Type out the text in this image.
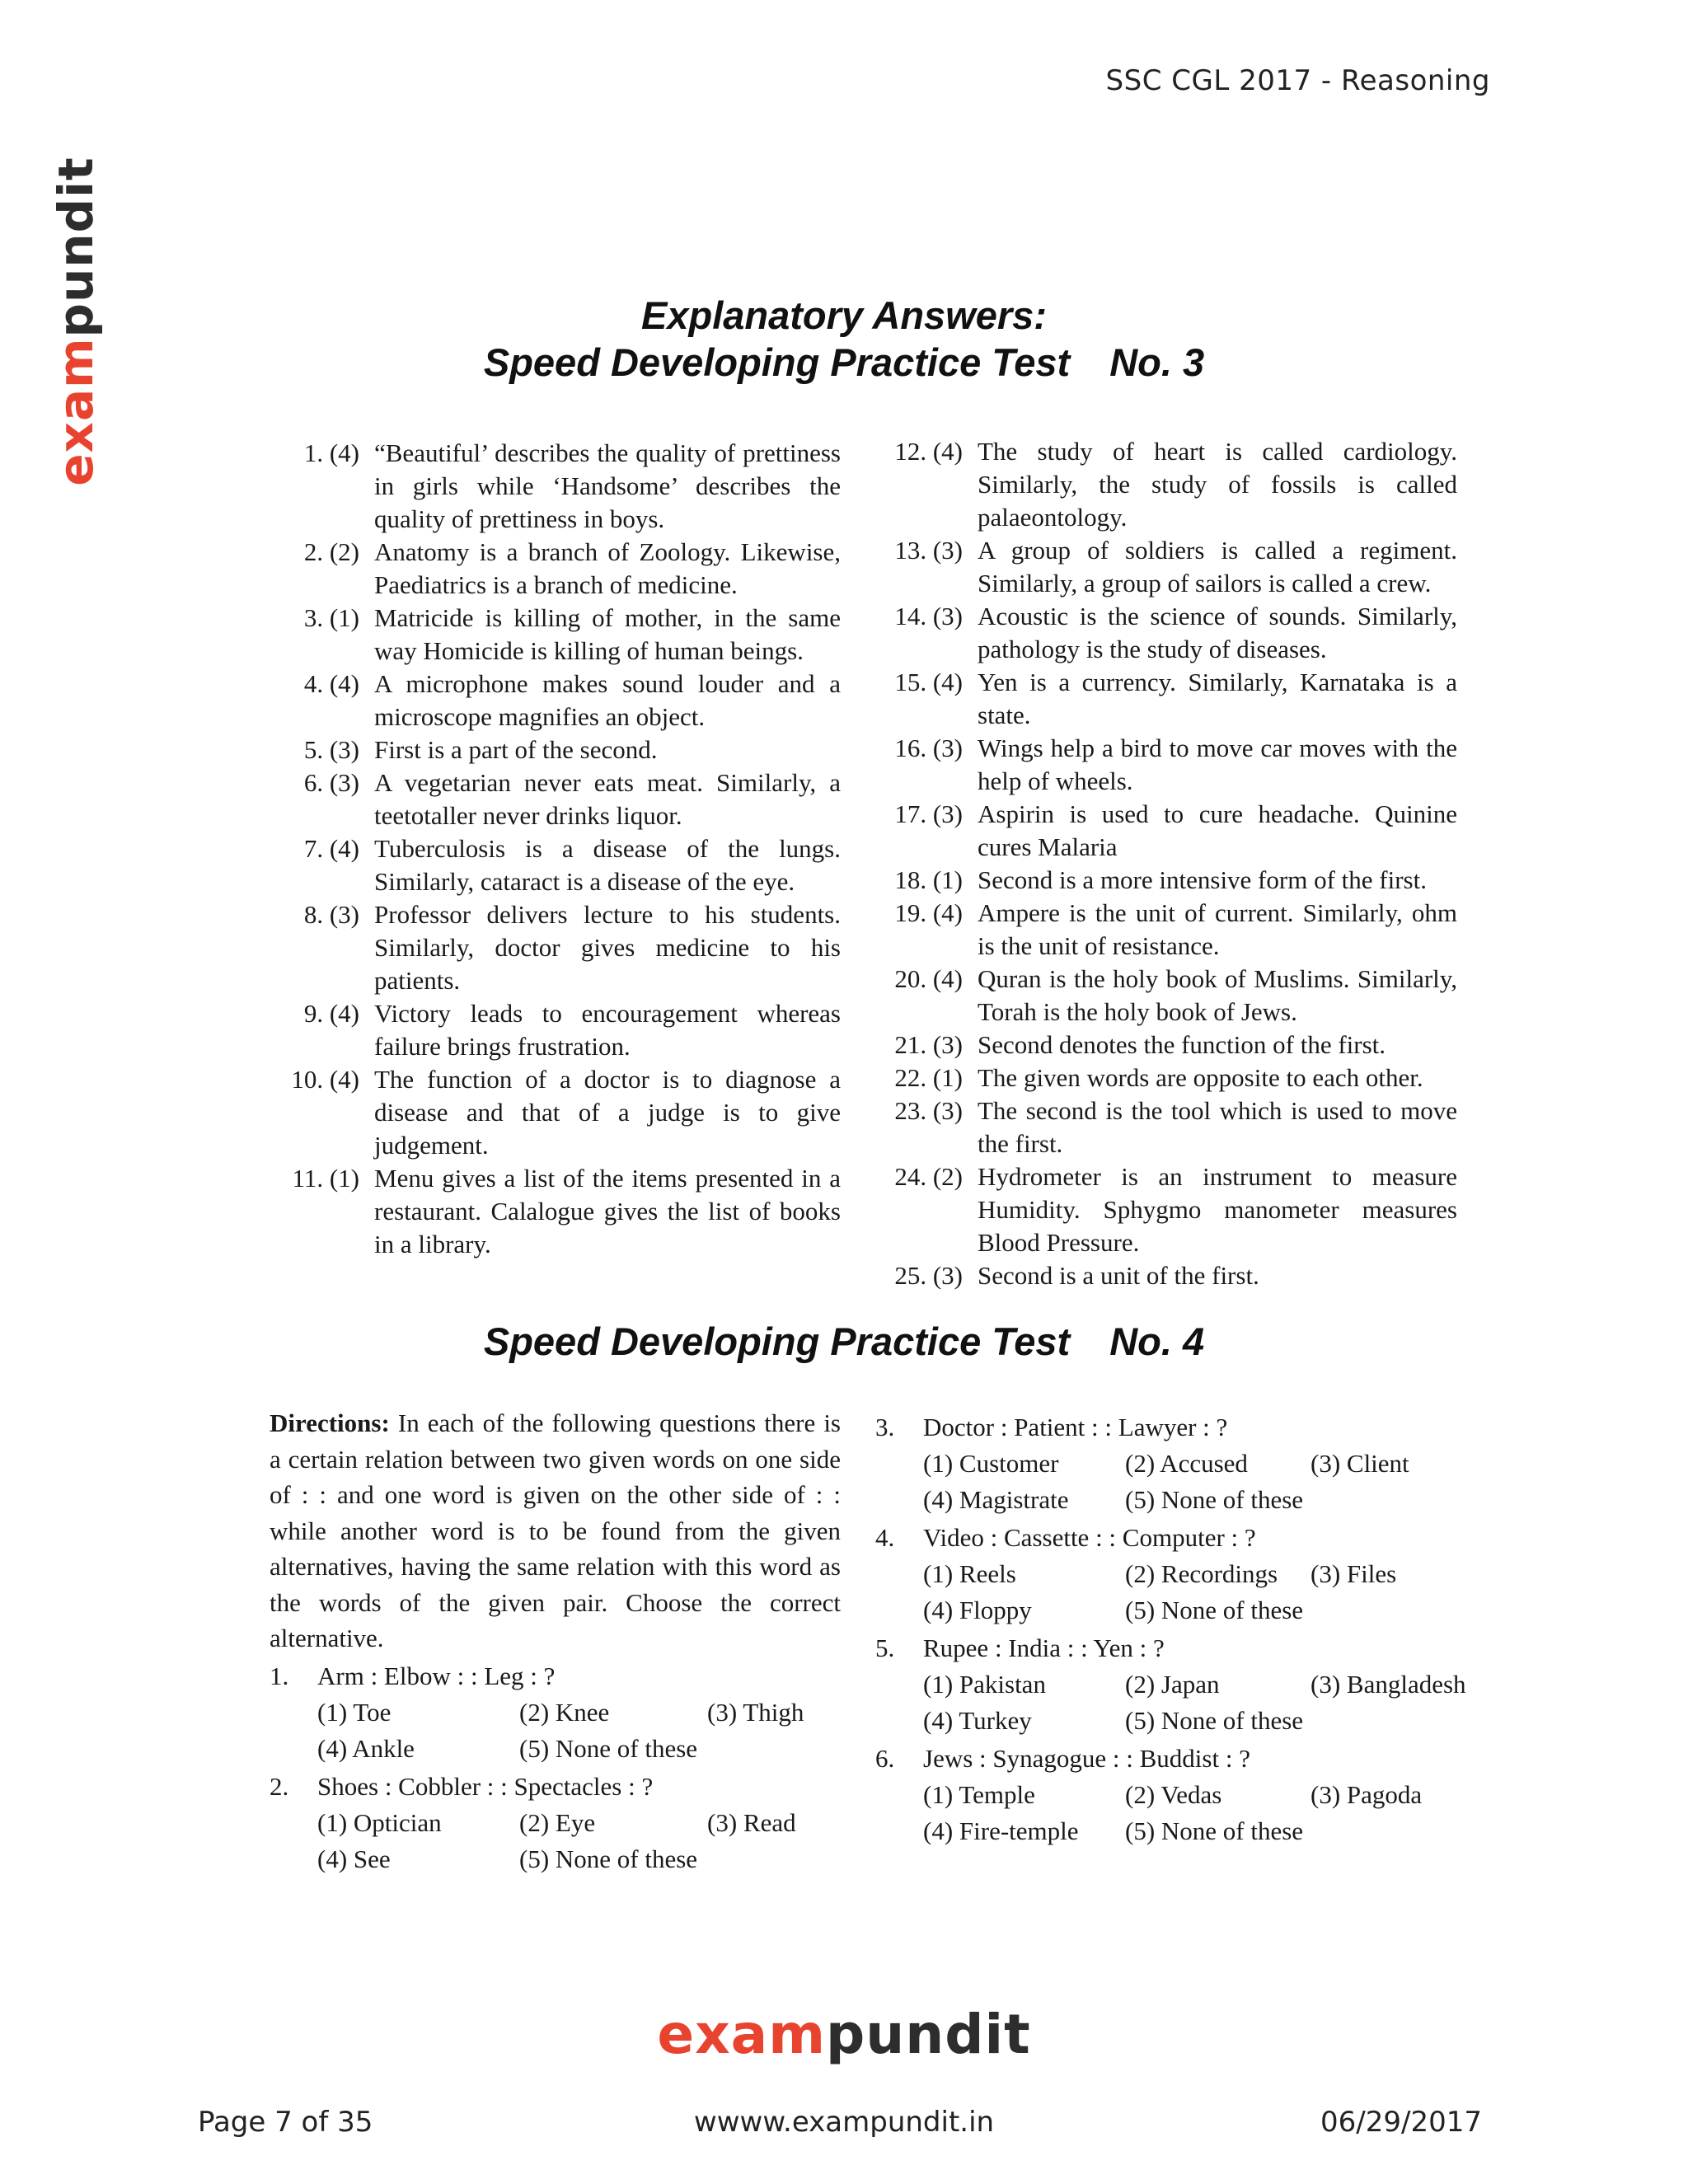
SSC CGL 2017 - Reasoning
exampundit	Explanatory Answers:
Speed Developing Practice Test No. 3
1. (4) “Beautiful’ describes the quality of prettiness in girls while ‘Handsome’ describes the quality of prettiness in boys.
2. (2) Anatomy is a branch of Zoology. Likewise, Paediatrics is a branch of medicine.
3. (1) Matricide is killing of mother, in the same way Homicide is killing of human beings.
4. (4) A microphone makes sound louder and a microscope magnifies an object.
5. (3) First is a part of the second.
6. (3) A vegetarian never eats meat. Similarly, a teetotaller never drinks liquor.
7. (4) Tuberculosis is a disease of the lungs. Similarly, cataract is a disease of the eye.
8. (3) Professor delivers lecture to his students. Similarly, doctor gives medicine to his patients.
9. (4) Victory leads to encouragement whereas failure brings frustration.
10. (4) The function of a doctor is to diagnose a disease and that of a judge is to give judgement.
11. (1) Menu gives a list of the items presented in a restaurant. Calalogue gives the list of books in a library.
12. (4) The study of heart is called cardiology. Similarly, the study of fossils is called palaeontology.
13. (3) A group of soldiers is called a regiment. Similarly, a group of sailors is called a crew.
14. (3) Acoustic is the science of sounds. Similarly, pathology is the study of diseases.
15. (4) Yen is a currency. Similarly, Karnataka is a state.
16. (3) Wings help a bird to move car moves with the help of wheels.
17. (3) Aspirin is used to cure headache. Quinine cures Malaria
18. (1) Second is a more intensive form of the first.
19. (4) Ampere is the unit of current. Similarly, ohm is the unit of resistance.
20. (4) Quran is the holy book of Muslims. Similarly, Torah is the holy book of Jews.
21. (3) Second denotes the function of the first.
22. (1) The given words are opposite to each other.
23. (3) The second is the tool which is used to move the first.
24. (2) Hydrometer is an instrument to measure Humidity. Sphygmo manometer measures Blood Pressure.
25. (3) Second is a unit of the first.
Speed Developing Practice Test No. 4
Directions: In each of the following questions there is a certain relation between two given words on one side of : : and one word is given on the other side of : : while another word is to be found from the given alternatives, having the same relation with this word as the words of the given pair. Choose the correct alternative.
1.	Arm : Elbow : : Leg : ?
(1) Toe	(2) Knee	(3) Thigh
(4) Ankle	(5) None of these
2.	Shoes : Cobbler : : Spectacles : ?
(1) Optician	(2) Eye	(3) Read
(4) See	(5) None of these
3.	Doctor : Patient : : Lawyer : ?
(1) Customer	(2) Accused	(3) Client
(4) Magistrate	(5) None of these
4.	Video : Cassette : : Computer : ?
(1) Reels	(2) Recordings	(3) Files
(4) Floppy	(5) None of these
5.	Rupee : India : : Yen : ?
(1) Pakistan	(2) Japan	(3) Bangladesh
(4) Turkey	(5) None of these
6.	Jews : Synagogue : : Buddist : ?
(1) Temple	(2) Vedas	(3) Pagoda
(4) Fire-temple	(5) None of these
exampundit
Page 7 of 35	wwww.exampundit.in	06/29/2017
